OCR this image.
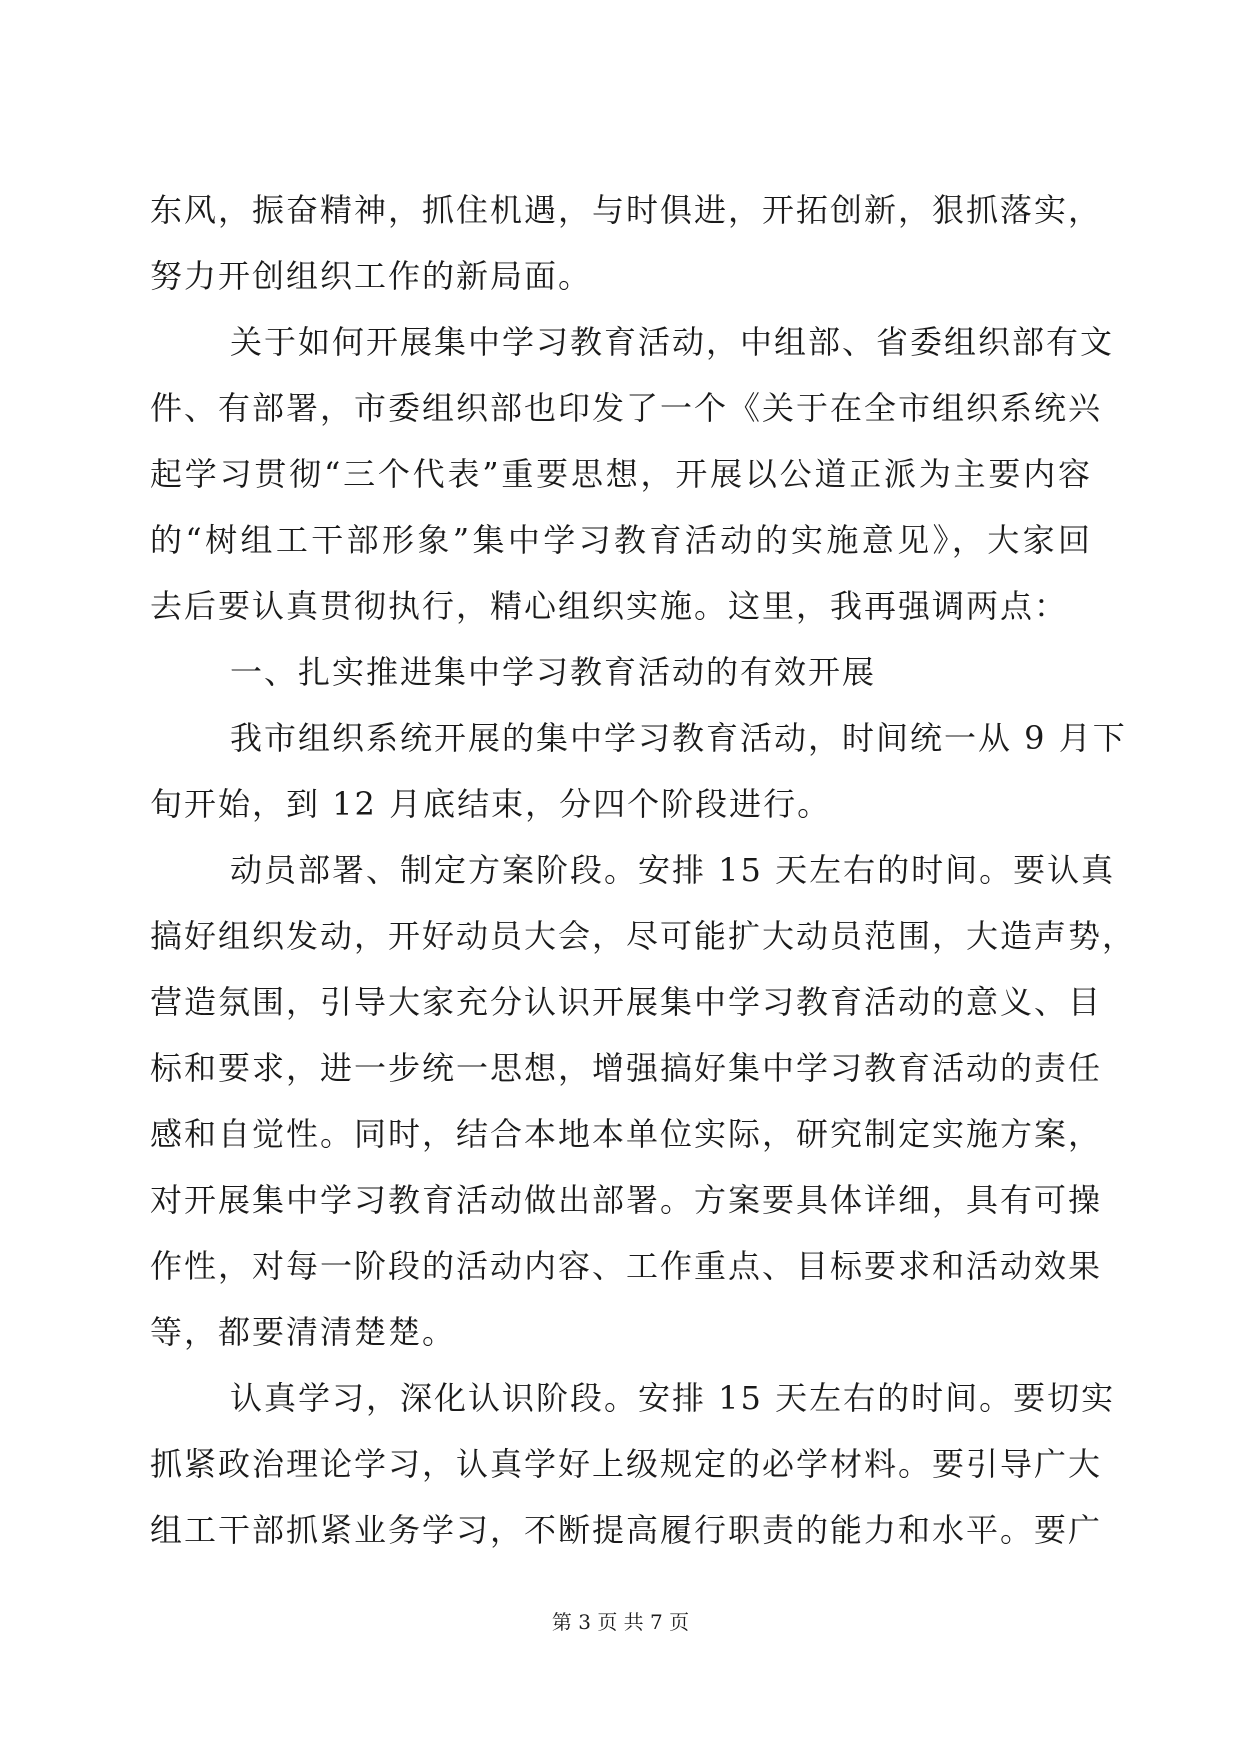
东风，振奋精神，抓住机遇，与时俱进，开拓创新，狠抓落实，
努力开创组织工作的新局面。
关于如何开展集中学习教育活动，中组部、省委组织部有文
件、有部署，市委组织部也印发了一个《关于在全市组织系统兴
起学习贯彻“三个代表”重要思想，开展以公道正派为主要内容
的“树组工干部形象”集中学习教育活动的实施意见》，大家回
去后要认真贯彻执行，精心组织实施。这里，我再强调两点：
一、扎实推进集中学习教育活动的有效开展
我市组织系统开展的集中学习教育活动，时间统一从 9 月下
旬开始，到 12 月底结束，分四个阶段进行。
动员部署、制定方案阶段。安排 15 天左右的时间。要认真
搞好组织发动，开好动员大会，尽可能扩大动员范围，大造声势，
营造氛围，引导大家充分认识开展集中学习教育活动的意义、目
标和要求，进一步统一思想，增强搞好集中学习教育活动的责任
感和自觉性。同时，结合本地本单位实际，研究制定实施方案，
对开展集中学习教育活动做出部署。方案要具体详细，具有可操
作性，对每一阶段的活动内容、工作重点、目标要求和活动效果
等，都要清清楚楚。
认真学习，深化认识阶段。安排 15 天左右的时间。要切实
抓紧政治理论学习，认真学好上级规定的必学材料。要引导广大
组工干部抓紧业务学习，不断提高履行职责的能力和水平。要广
第 3 页 共 7 页
